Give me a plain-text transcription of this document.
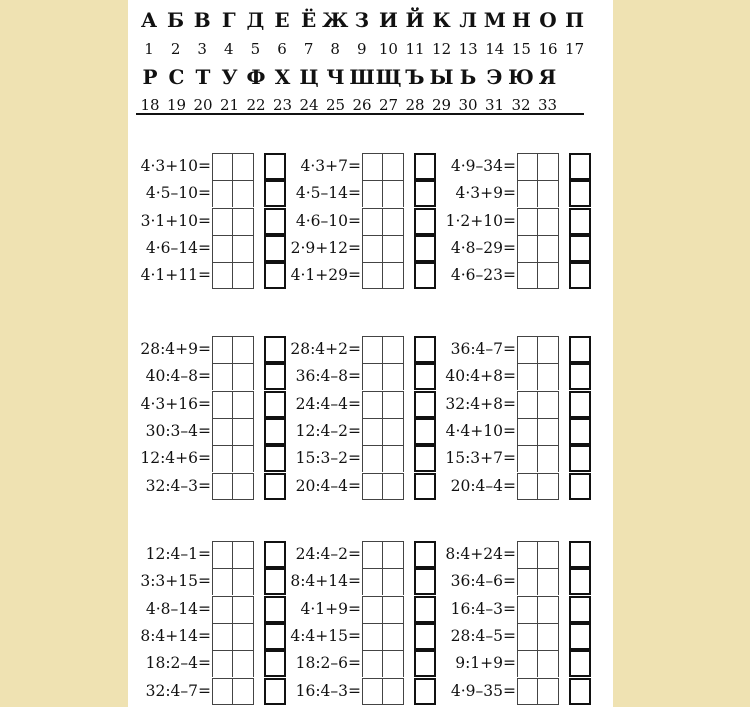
А Б В Г Д Е Ё Ж З И Й К Л М Н О П
1 2 3 4 5 6 7 8 9 10 11 12 13 14 15 16 17
Р С Т У Ф Х Ц Ч Ш Щ Ъ Ы Ь Э Ю Я
18 19 20 21 22 23 24 25 26 27 28 29 30 31 32 33
4·3+10=
4·5–10=
3·1+10=
4·6–14=
4·1+11=
4·3+7=
4·5–14=
4·6–10=
2·9+12=
4·1+29=
4·9–34=
4·3+9=
1·2+10=
4·8–29=
4·6–23=
28:4+9=
40:4–8=
4·3+16=
30:3–4=
12:4+6=
32:4–3=
28:4+2=
36:4–8=
24:4–4=
12:4–2=
15:3–2=
20:4–4=
36:4–7=
40:4+8=
32:4+8=
4·4+10=
15:3+7=
20:4–4=
12:4–1=
3:3+15=
4·8–14=
8:4+14=
18:2–4=
32:4–7=
24:4–2=
8:4+14=
4·1+9=
4:4+15=
18:2–6=
16:4–3=
8:4+24=
36:4–6=
16:4–3=
28:4–5=
9:1+9=
4·9–35=
